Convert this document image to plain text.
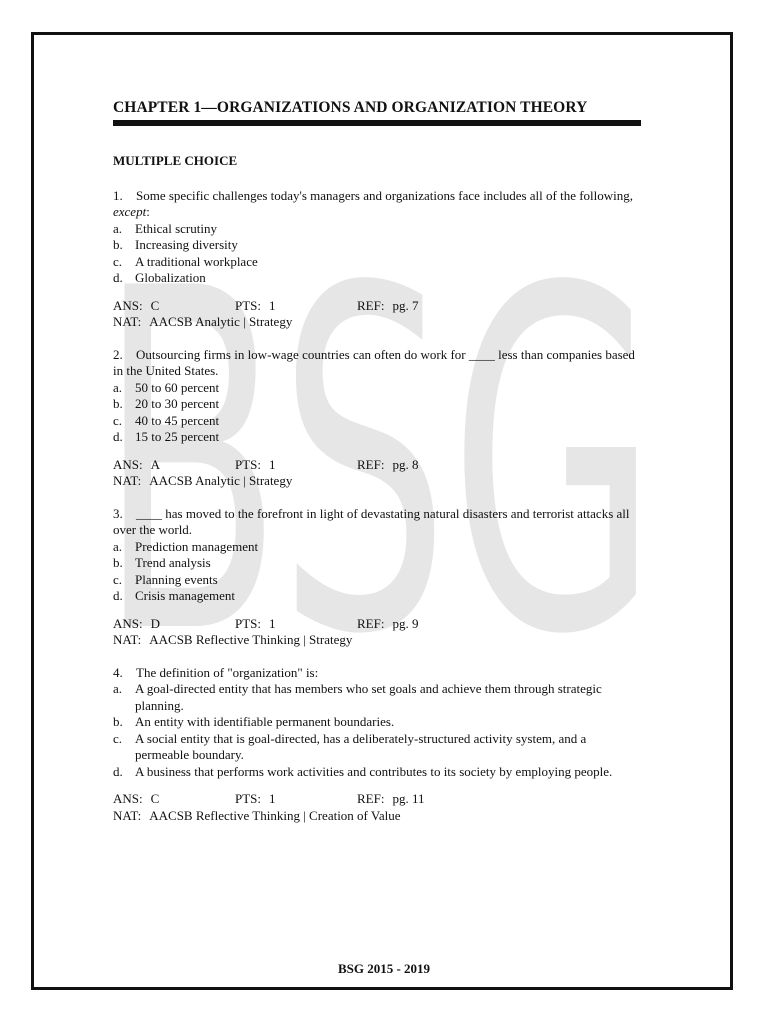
BSG
CHAPTER 1—ORGANIZATIONS AND ORGANIZATION THEORY
MULTIPLE CHOICE

1. Some specific challenges today's managers and organizations face includes all of the following, except:

a. Ethical scrutiny
b. Increasing diversity
c. A traditional workplace
d. Globalization
ANS: C	PTS: 1	REF: pg. 7
NAT: AACSB Analytic | Strategy

2. Outsourcing firms in low-wage countries can often do work for ____ less than companies based in the United States.

a. 50 to 60 percent
b. 20 to 30 percent
c. 40 to 45 percent
d. 15 to 25 percent
ANS: A	PTS: 1	REF: pg. 8
NAT: AACSB Analytic | Strategy

3. ____ has moved to the forefront in light of devastating natural disasters and terrorist attacks all over the world.

a. Prediction management
b. Trend analysis
c. Planning events
d. Crisis management
ANS: D	PTS: 1	REF: pg. 9
NAT: AACSB Reflective Thinking | Strategy

4. The definition of "organization" is:

a. A goal-directed entity that has members who set goals and achieve them through strategic planning.
b. An entity with identifiable permanent boundaries.
c. A social entity that is goal-directed, has a deliberately-structured activity system, and a permeable boundary.
d. A business that performs work activities and contributes to its society by employing people.
ANS: C	PTS: 1	REF: pg. 11
NAT: AACSB Reflective Thinking | Creation of Value
BSG 2015 - 2019
